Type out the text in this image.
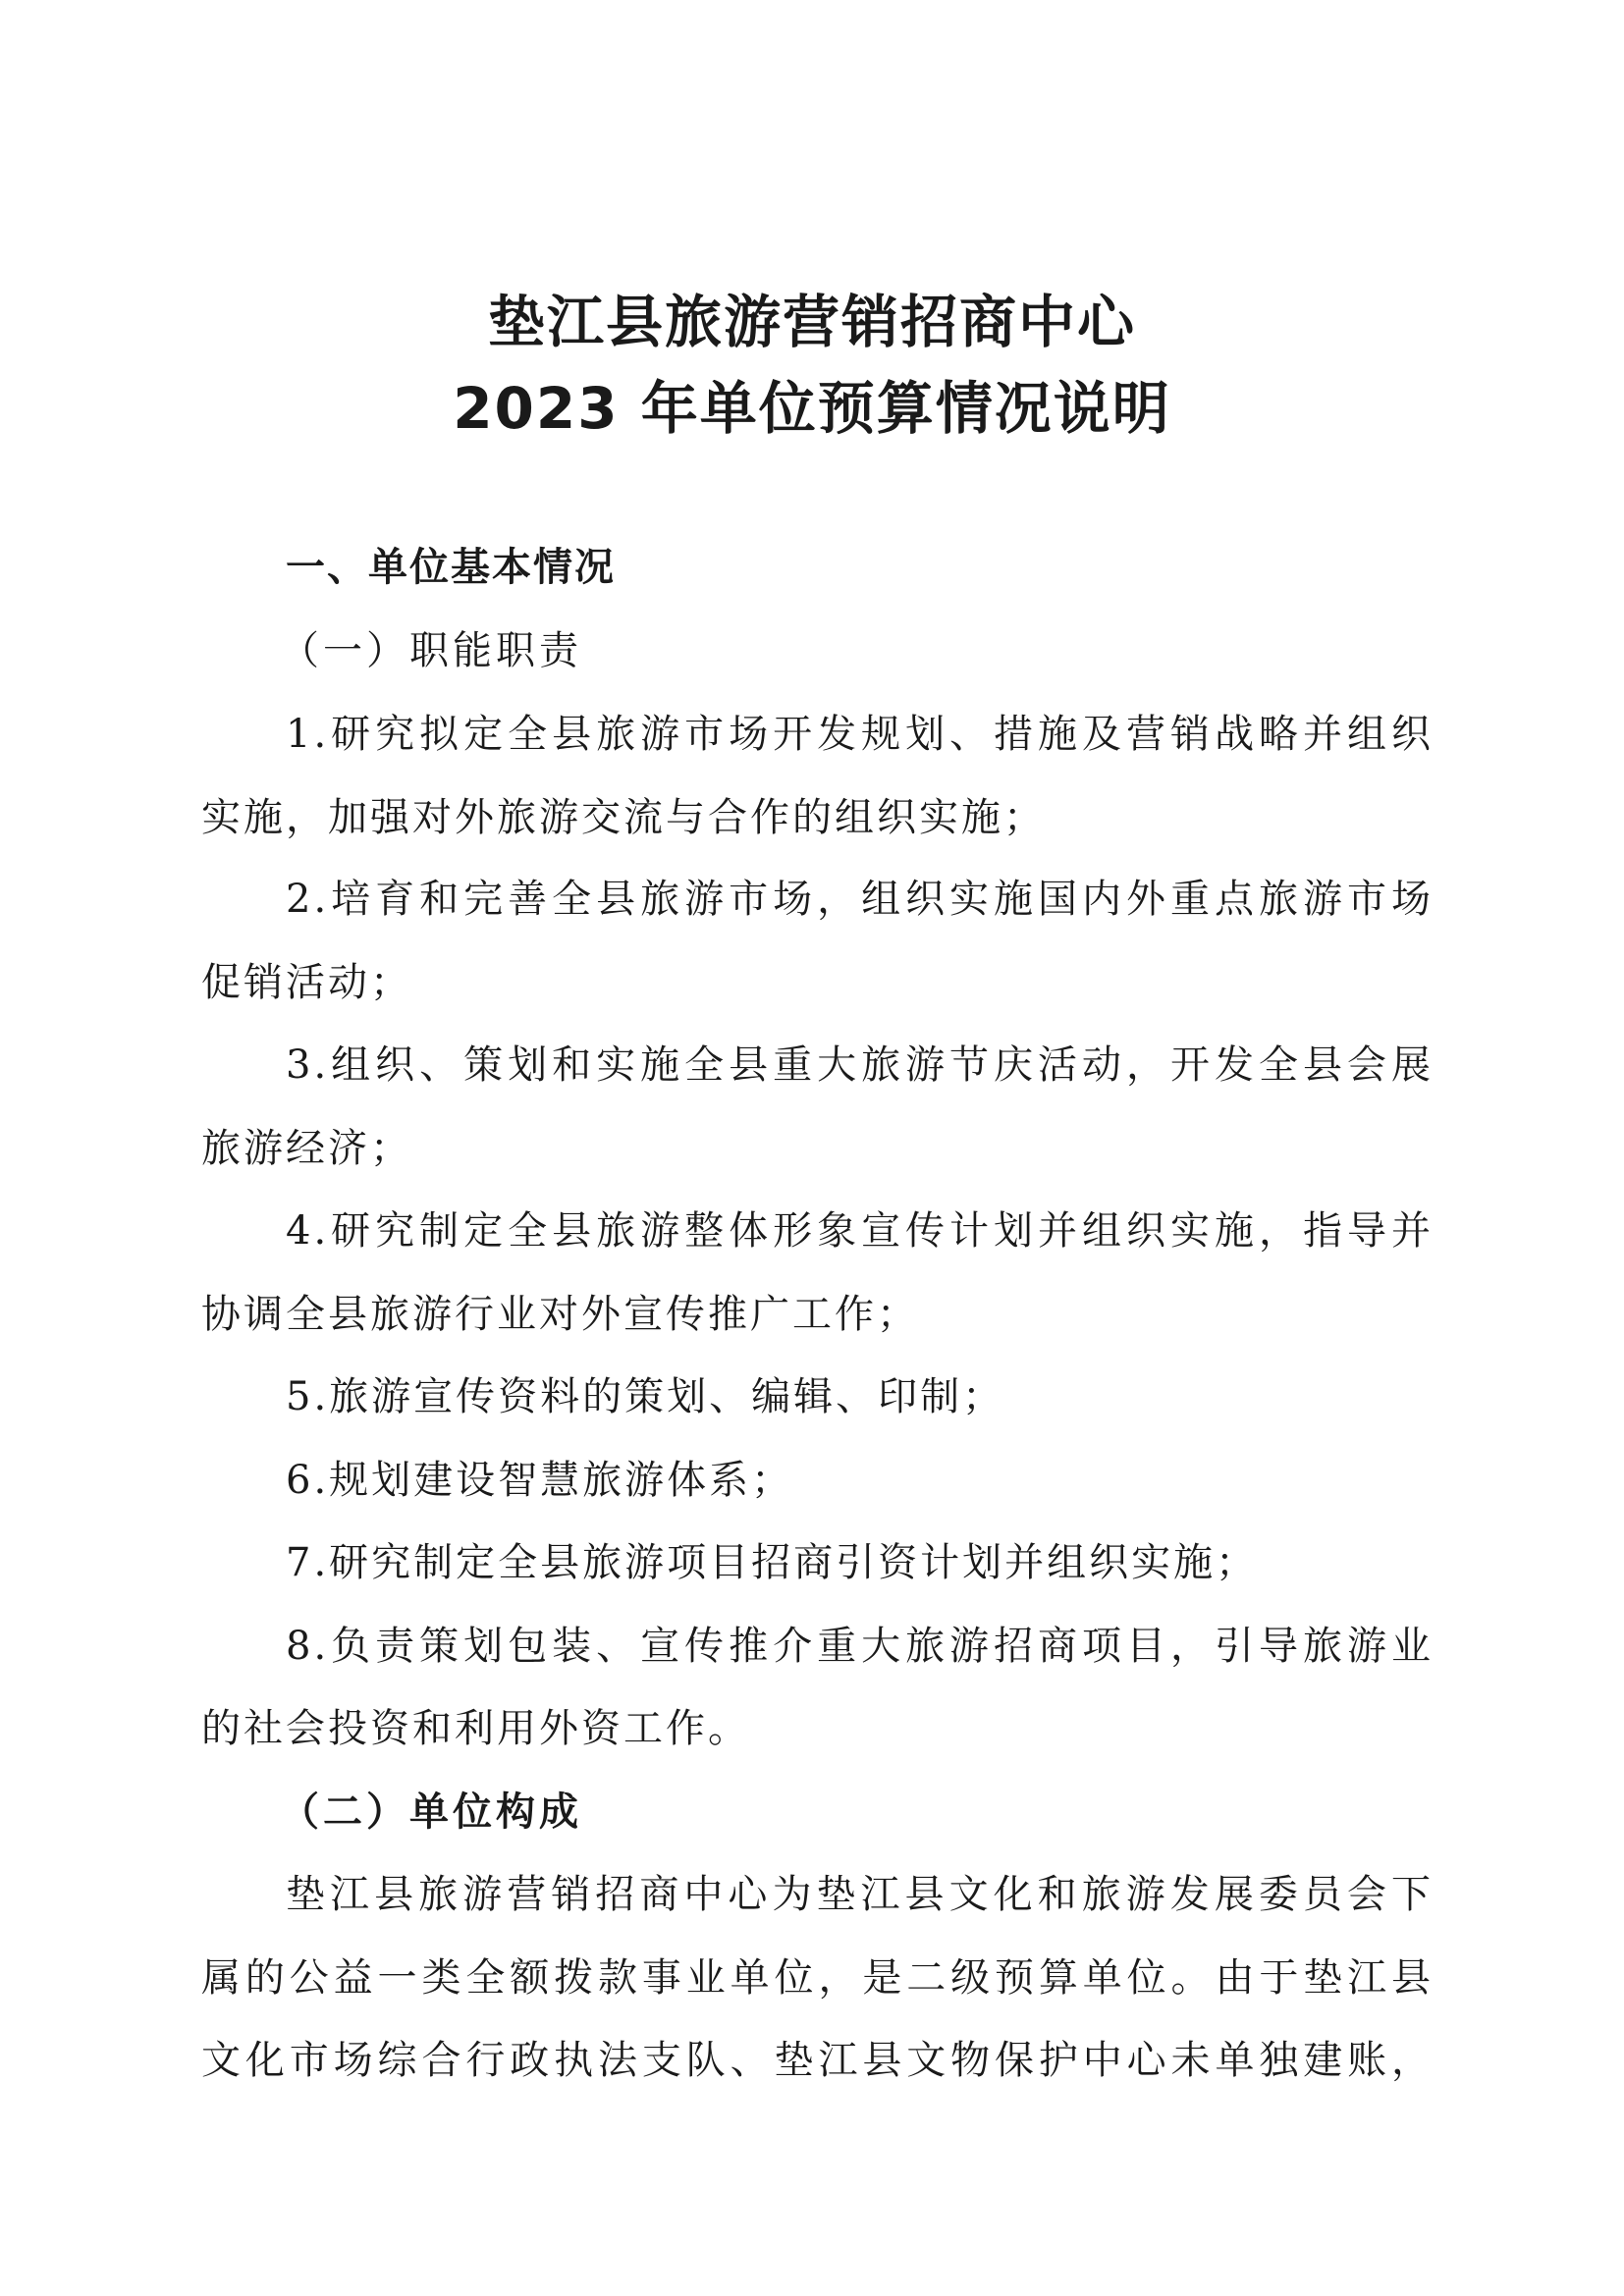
垫江县旅游营销招商中心
2023 年单位预算情况说明
一、单位基本情况
（一）职能职责
1.研究拟定全县旅游市场开发规划、措施及营销战略并组织
实施，加强对外旅游交流与合作的组织实施；
2.培育和完善全县旅游市场，组织实施国内外重点旅游市场
促销活动；
3.组织、策划和实施全县重大旅游节庆活动，开发全县会展
旅游经济；
4.研究制定全县旅游整体形象宣传计划并组织实施，指导并
协调全县旅游行业对外宣传推广工作；
5.旅游宣传资料的策划、编辑、印制；
6.规划建设智慧旅游体系；
7.研究制定全县旅游项目招商引资计划并组织实施；
8.负责策划包装、宣传推介重大旅游招商项目，引导旅游业
的社会投资和利用外资工作。
（二）单位构成
垫江县旅游营销招商中心为垫江县文化和旅游发展委员会下
属的公益一类全额拨款事业单位，是二级预算单位。由于垫江县
文化市场综合行政执法支队、垫江县文物保护中心未单独建账，
